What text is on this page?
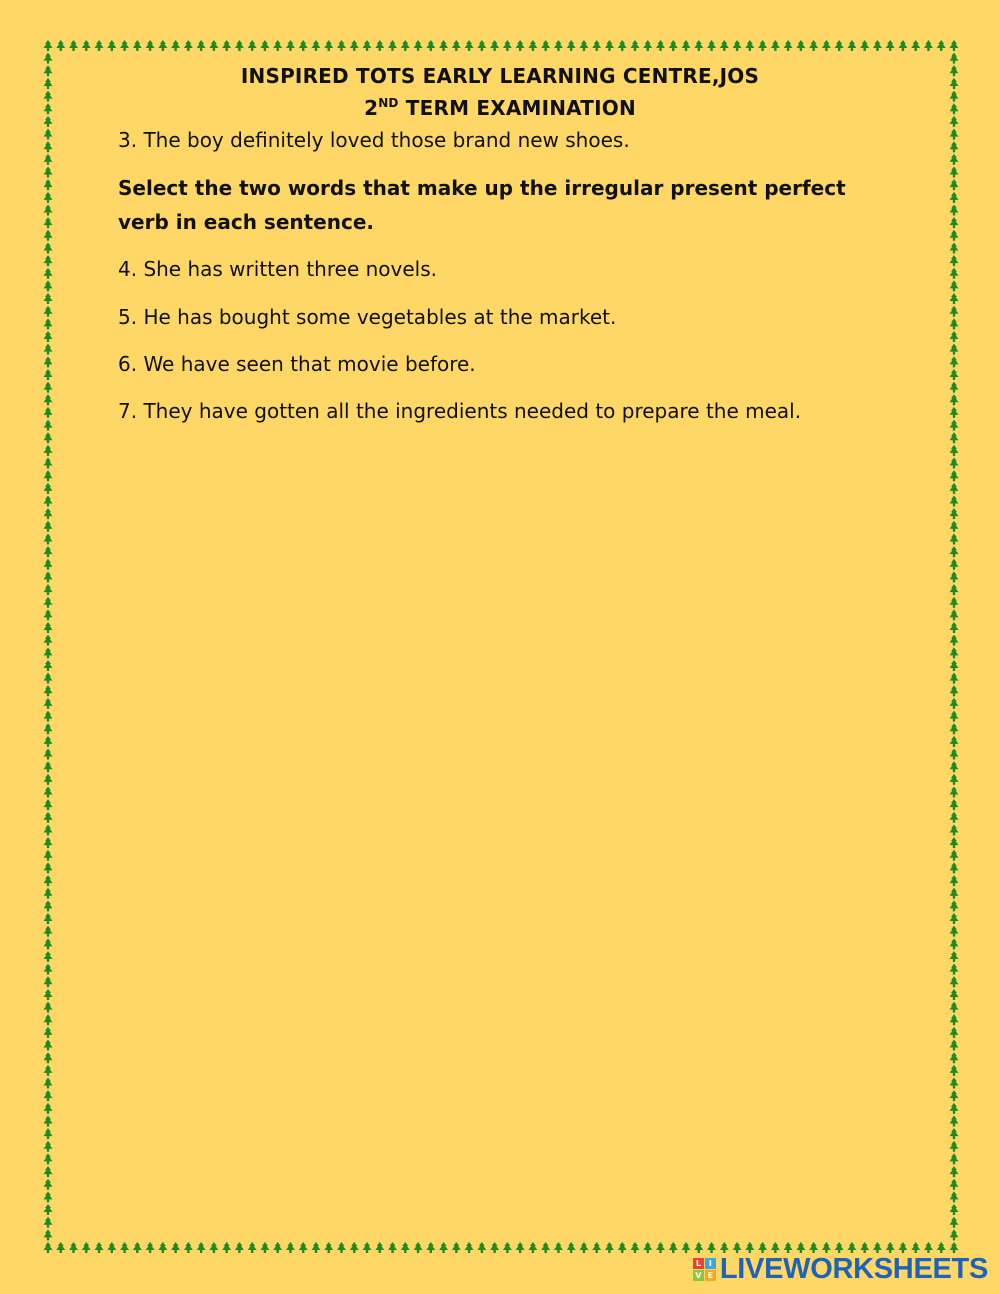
INSPIRED TOTS EARLY LEARNING CENTRE,JOS
2ND TERM EXAMINATION
3. The boy definitely loved those brand new shoes.
Select the two words that make up the irregular present perfect
verb in each sentence.
4. She has written three novels.
5. He has bought some vegetables at the market.
6. We have seen that movie before.
7. They have gotten all the ingredients needed to prepare the meal.
L I
V E LIVEWORKSHEETS
